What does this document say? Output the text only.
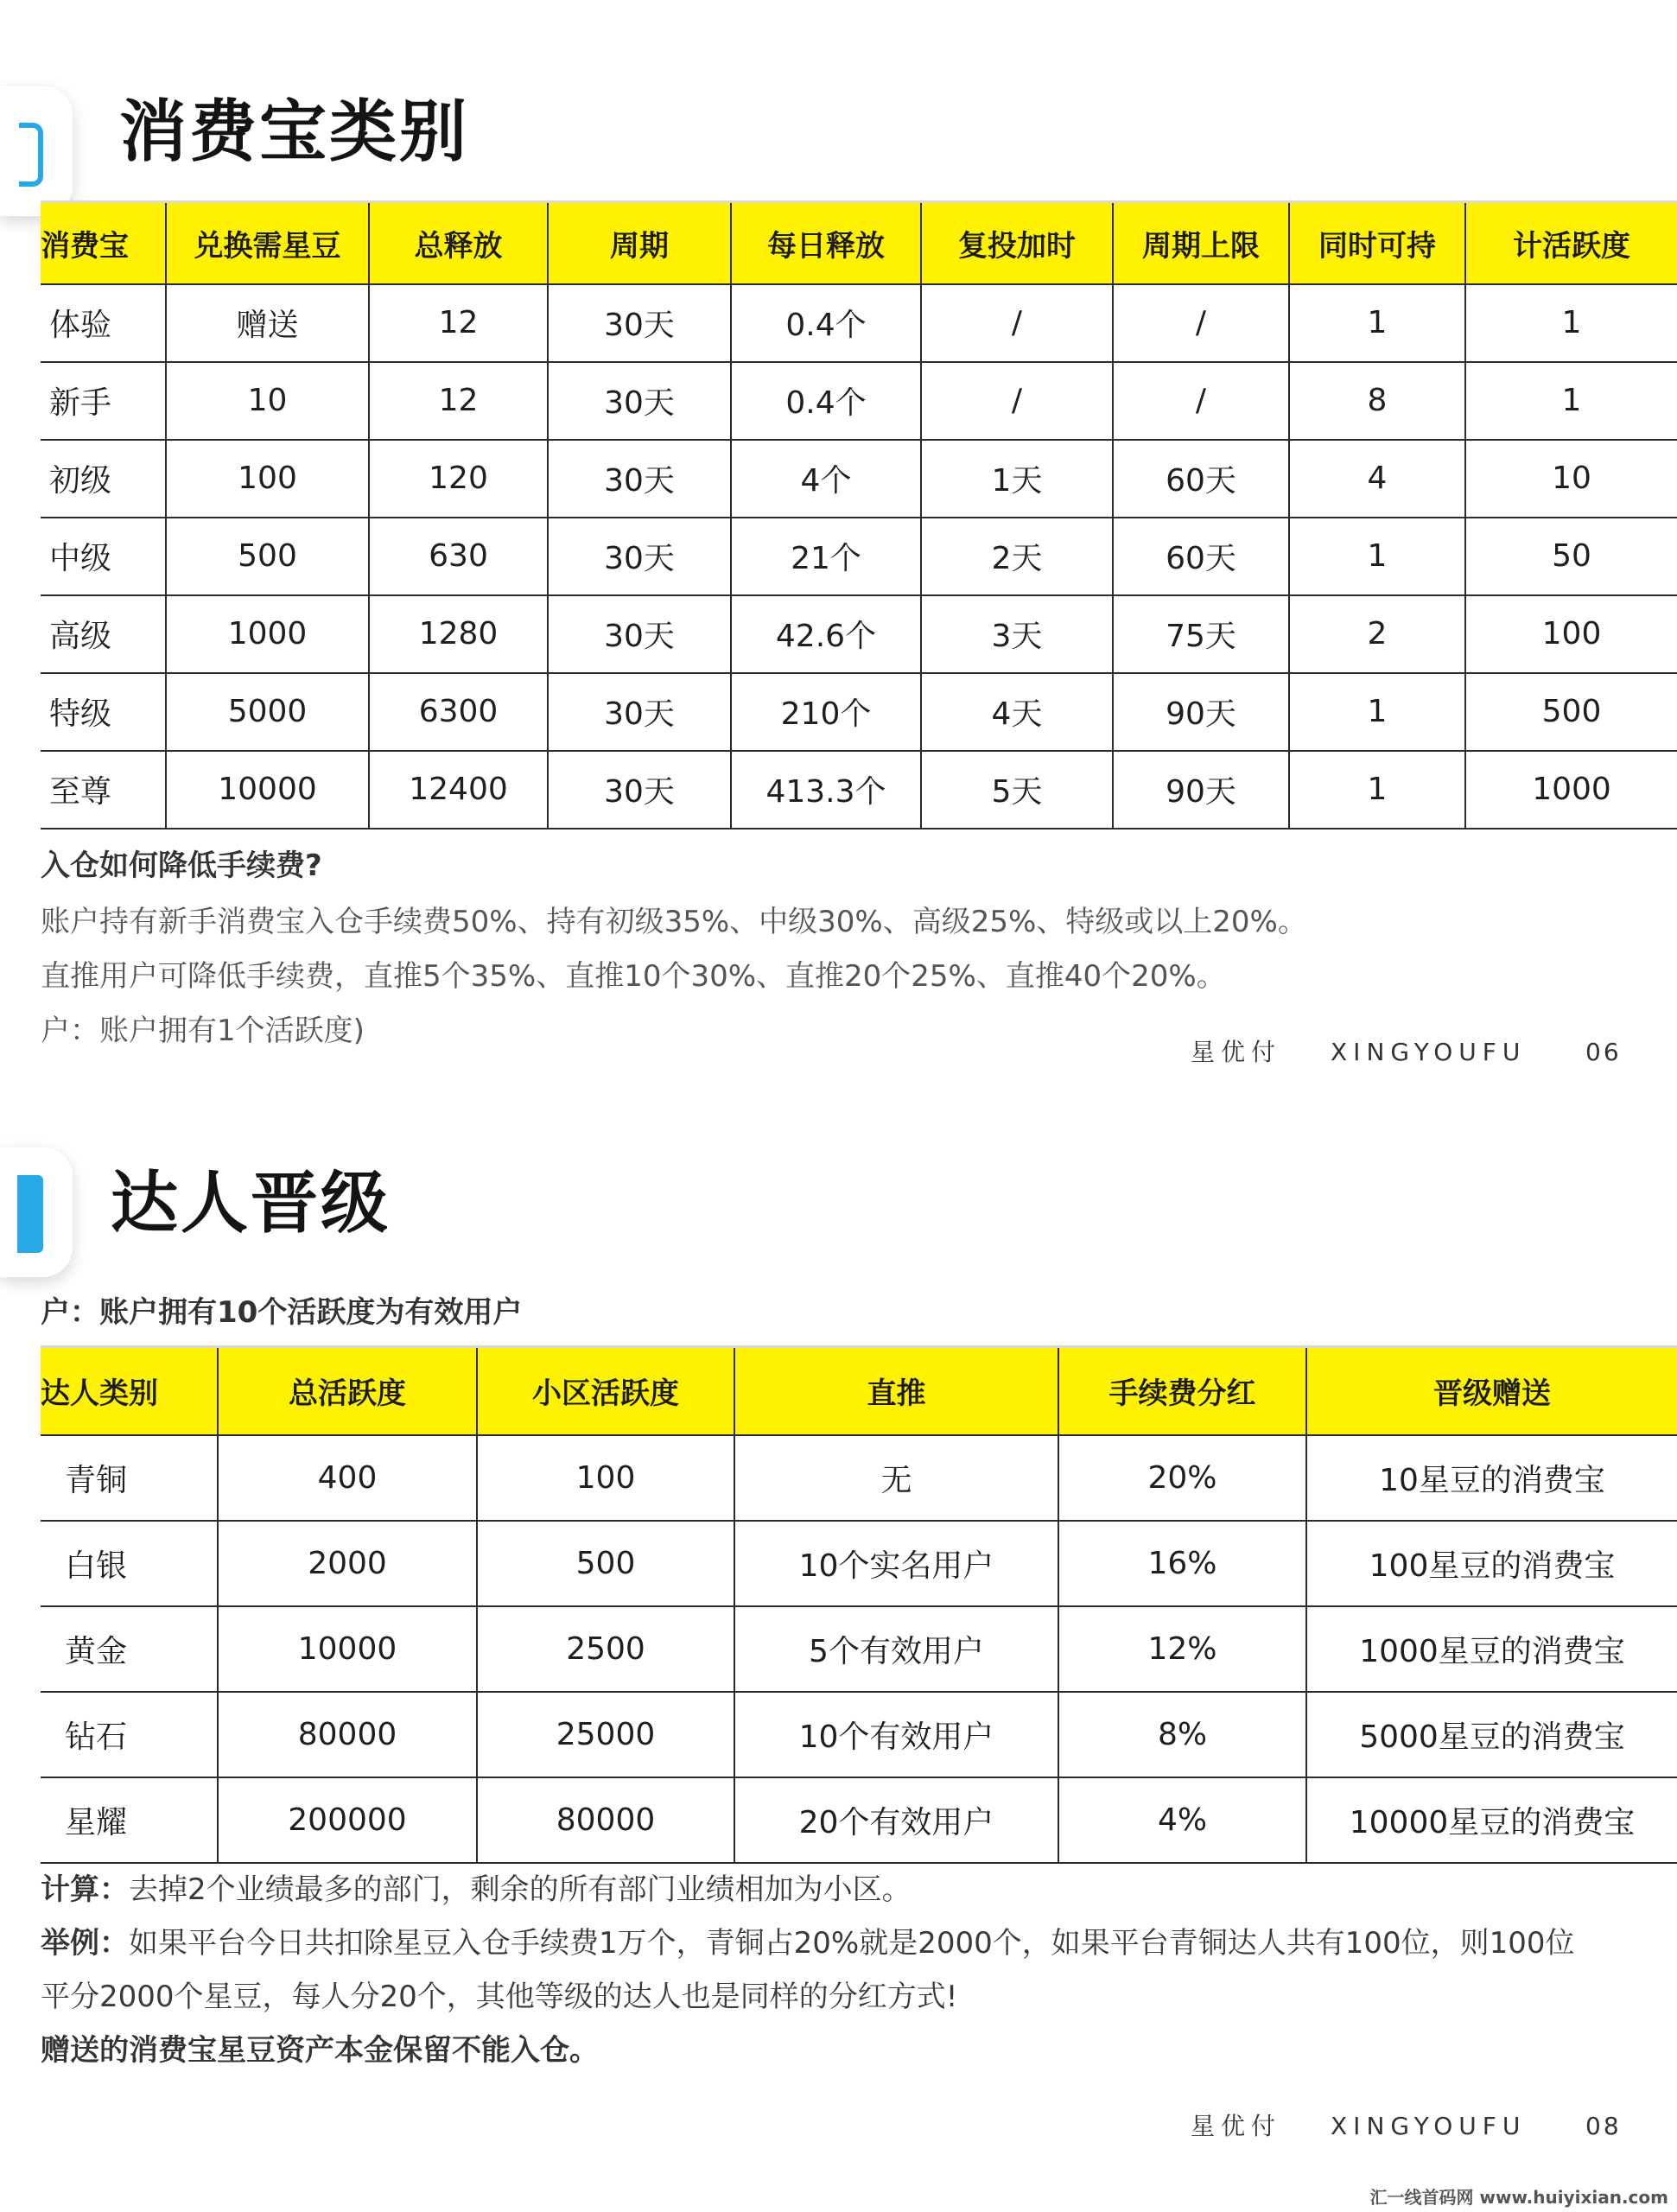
消费宝类别
消费宝	兑换需星豆	总释放	周期	每日释放	复投加时	周期上限	同时可持	计活跃度
体验	赠送	12	30天	0.4个	/	/	1	1
新手	10	12	30天	0.4个	/	/	8	1
初级	100	120	30天	4个	1天	60天	4	10
中级	500	630	30天	21个	2天	60天	1	50
高级	1000	1280	30天	42.6个	3天	75天	2	100
特级	5000	6300	30天	210个	4天	90天	1	500
至尊	10000	12400	30天	413.3个	5天	90天	1	1000
入仓如何降低手续费?
账户持有新手消费宝入仓手续费50%、持有初级35%、中级30%、高级25%、特级或以上20%。
直推用户可降低手续费，直推5个35%、直推10个30%、直推20个25%、直推40个20%。
户：账户拥有1个活跃度)
星优付 XINGYOUFU 06
达人晋级
户：账户拥有10个活跃度为有效用户
达人类别	总活跃度	小区活跃度	直推	手续费分红	晋级赠送
青铜	400	100	无	20%	10星豆的消费宝
白银	2000	500	10个实名用户	16%	100星豆的消费宝
黄金	10000	2500	5个有效用户	12%	1000星豆的消费宝
钻石	80000	25000	10个有效用户	8%	5000星豆的消费宝
星耀	200000	80000	20个有效用户	4%	10000星豆的消费宝
计算：去掉2个业绩最多的部门，剩余的所有部门业绩相加为小区。
举例：如果平台今日共扣除星豆入仓手续费1万个，青铜占20%就是2000个，如果平台青铜达人共有100位，则100位
平分2000个星豆，每人分20个，其他等级的达人也是同样的分红方式!
赠送的消费宝星豆资产本金保留不能入仓。
星优付 XINGYOUFU 08
汇一线首码网 www.huiyixian.com
